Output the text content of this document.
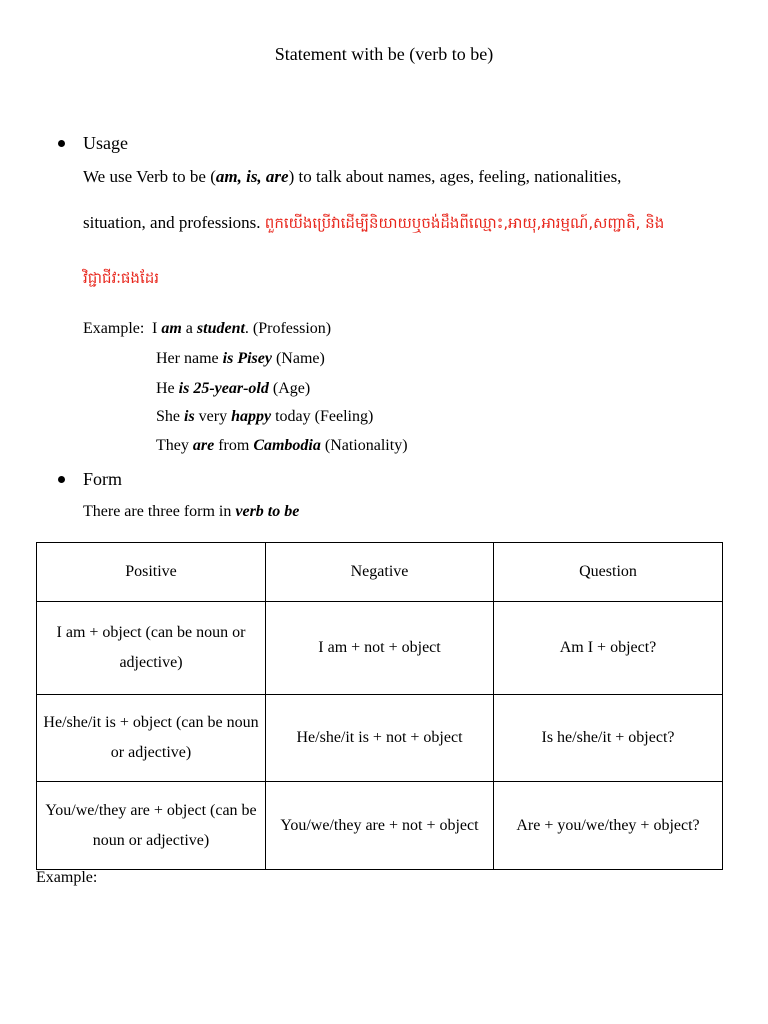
Statement with be (verb to be)
Usage
We use Verb to be (am, is, are) to talk about names, ages, feeling, nationalities,
situation, and professions. ពួកយើងប្រើវាដើម្បីនិយាយឬចង់ដឹងពីឈ្មោះ,អាយុ,អារម្មណ៍,សញ្ជាតិ, និង
វិជ្ជាជីវៈផងដែរ
Example: I am a student. (Profession)
Her name is Pisey (Name)
He is 25-year-old (Age)
She is very happy today (Feeling)
They are from Cambodia (Nationality)
Form
There are three form in verb to be
Positive	Negative	Question
I am + object (can be noun or adjective)	I am + not + object	Am I + object?
He/she/it is + object (can be noun or adjective)	He/she/it is + not + object	Is he/she/it + object?
You/we/they are + object (can be noun or adjective)	You/we/they are + not + object	Are + you/we/they + object?
Example:
